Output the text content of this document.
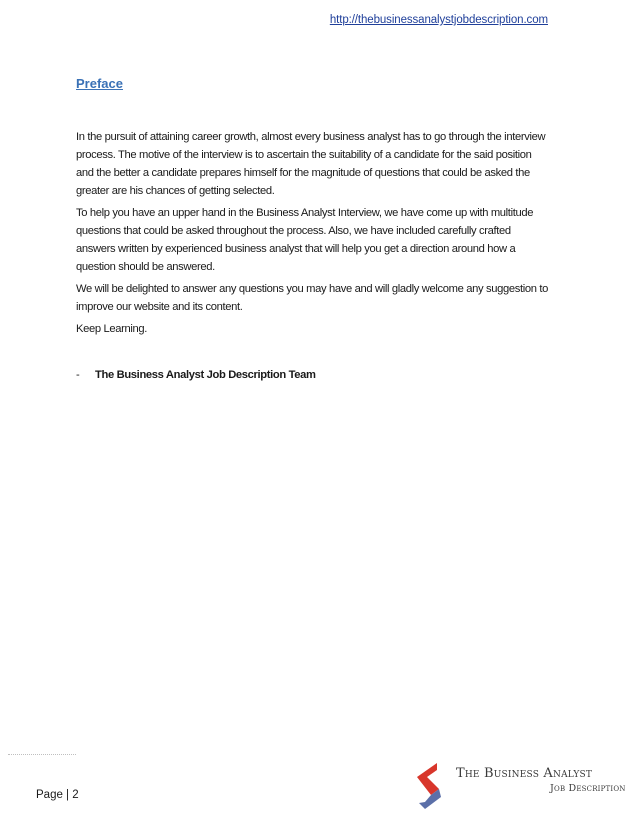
http://thebusinessanalystjobdescription.com
Preface

In the pursuit of attaining career growth, almost every business analyst has to go through the interview process. The motive of the interview is to ascertain the suitability of a candidate for the said position and the better a candidate prepares himself for the magnitude of questions that could be asked the greater are his chances of getting selected.

To help you have an upper hand in the Business Analyst Interview, we have come up with multitude questions that could be asked throughout the process. Also, we have included carefully crafted answers written by experienced business analyst that will help you get a direction around how a question should be answered.

We will be delighted to answer any questions you may have and will gladly welcome any suggestion to improve our website and its content.

Keep Learning.

- The Business Analyst Job Description Team
Page | 2
The Business Analyst
Job Description
